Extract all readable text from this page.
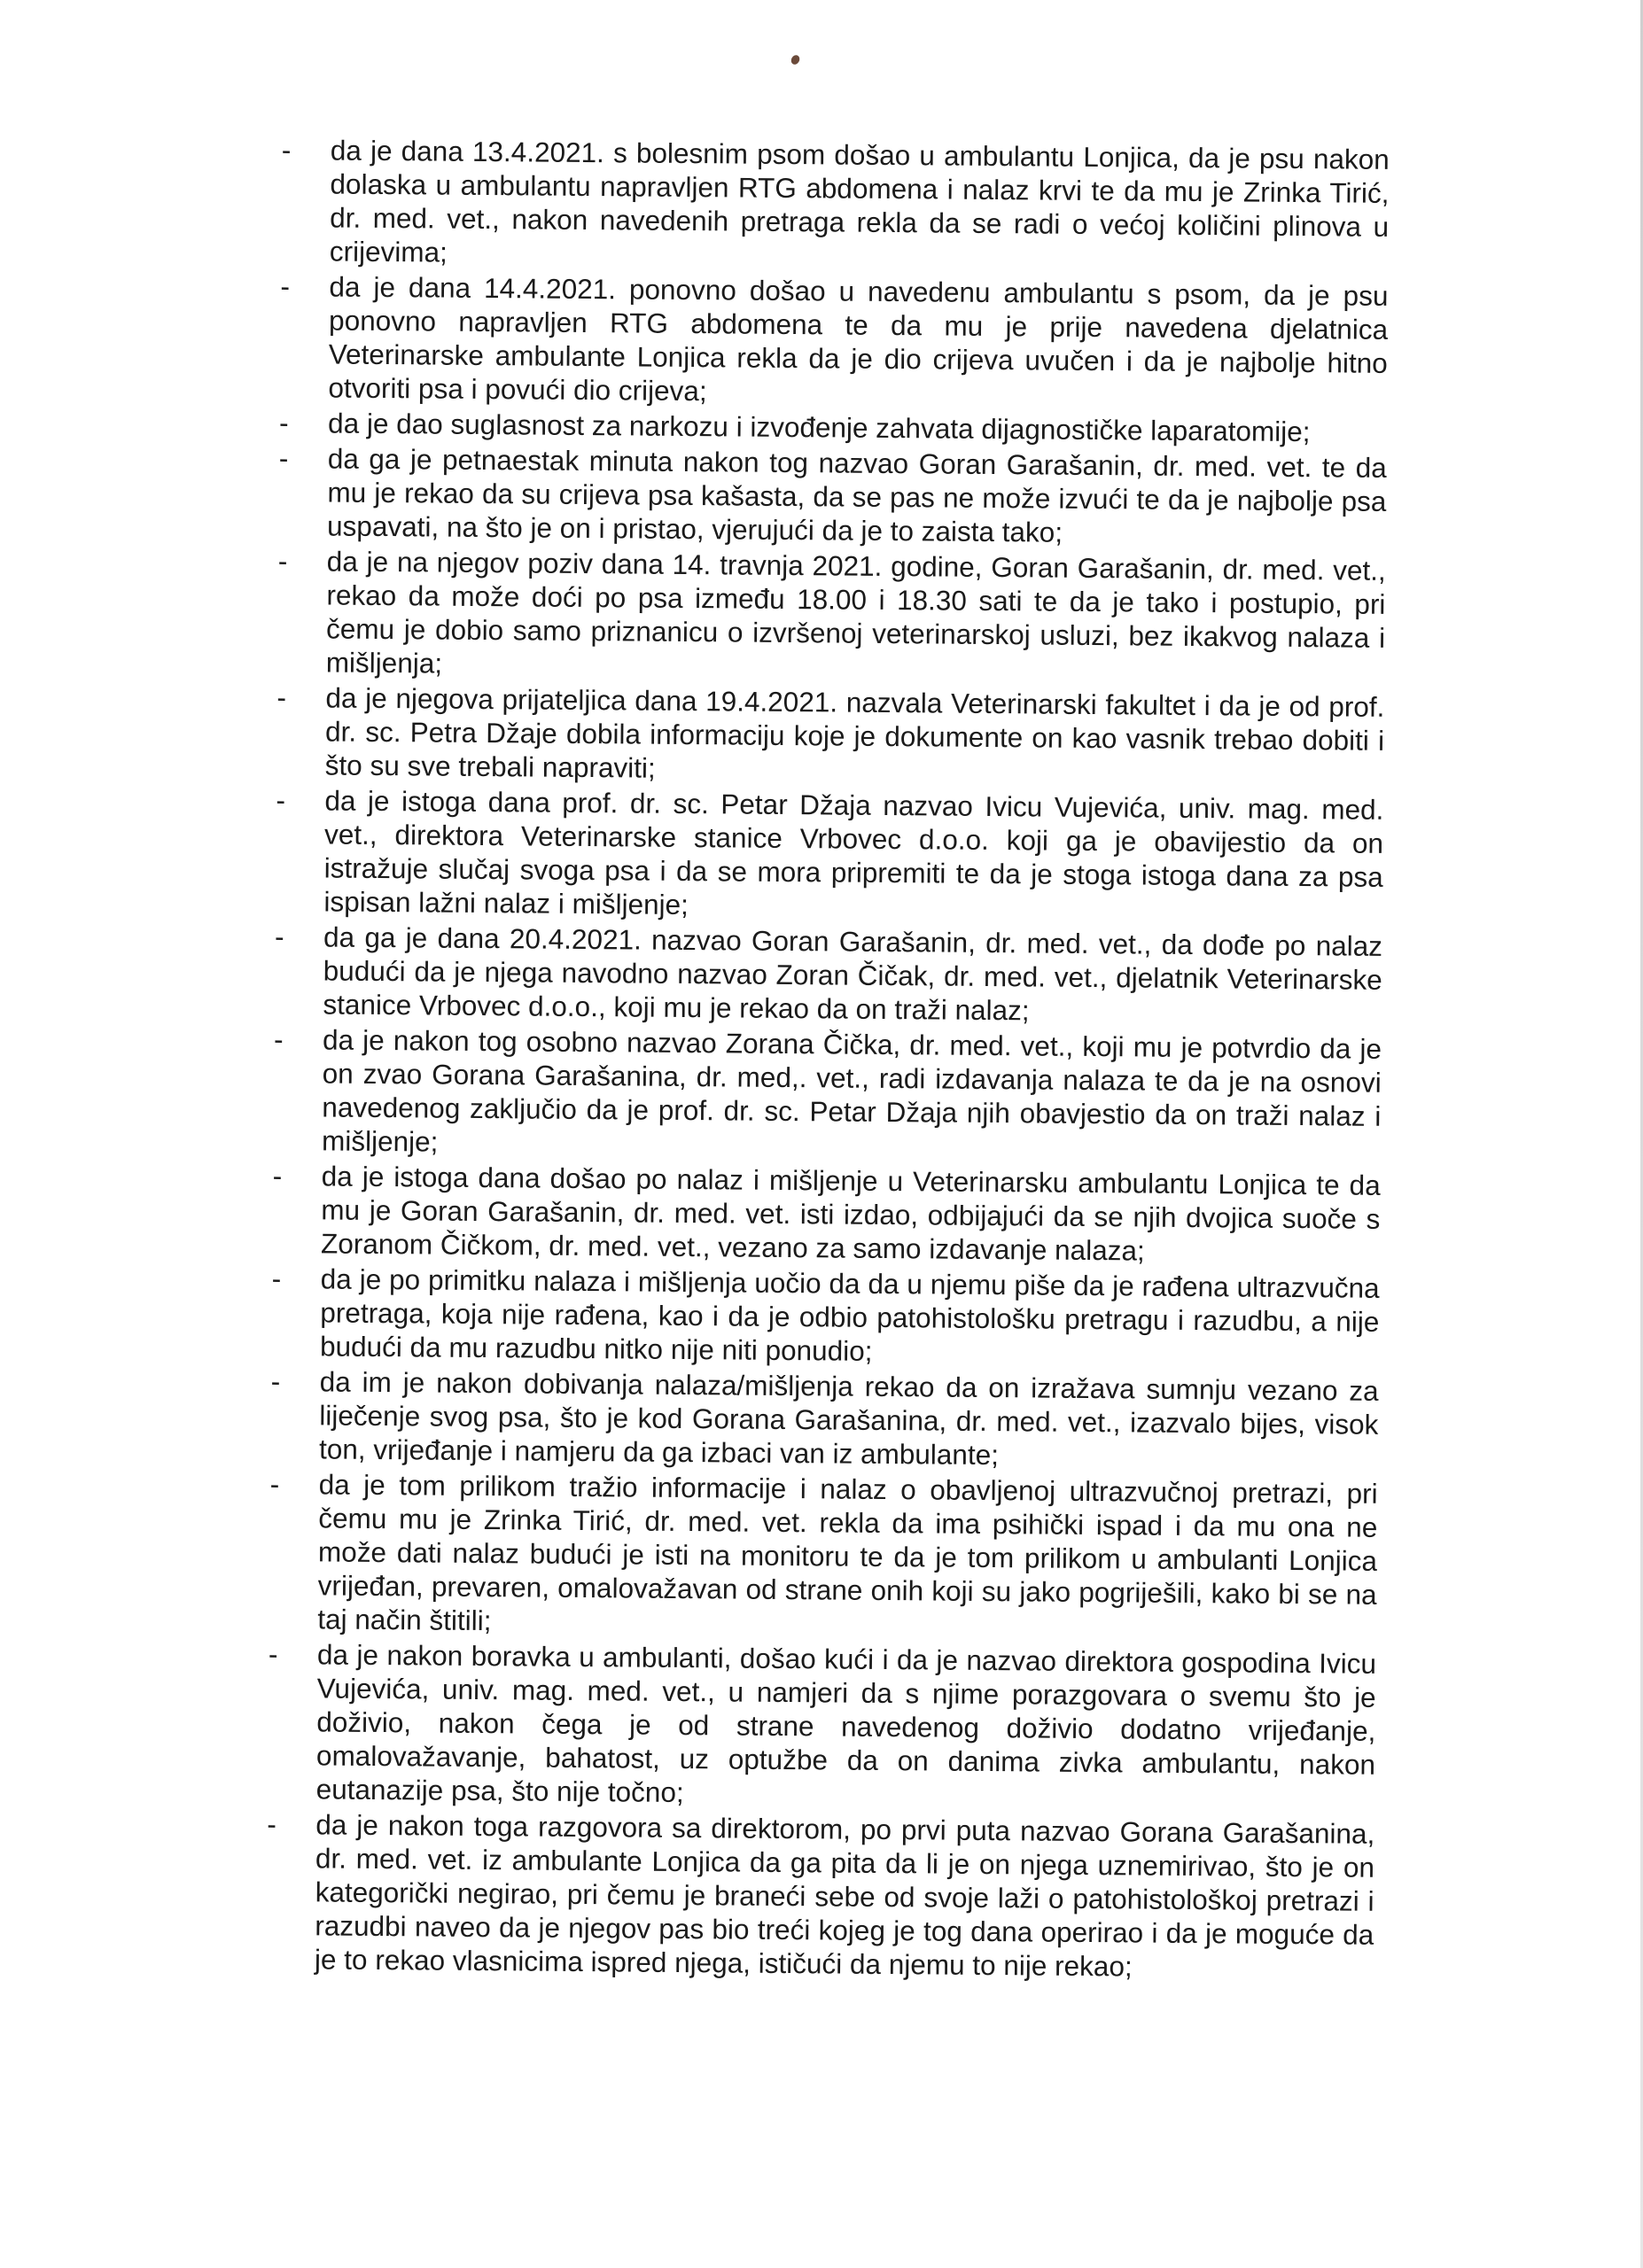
- da je dana 13.4.2021. s bolesnim psom došao u ambulantu Lonjica, da je psu nakon dolaska u ambulantu napravljen RTG abdomena i nalaz krvi te da mu je Zrinka Tirić, dr. med. vet., nakon navedenih pretraga rekla da se radi o većoj količini plinova u crijevima;
- da je dana 14.4.2021. ponovno došao u navedenu ambulantu s psom, da je psu ponovno napravljen RTG abdomena te da mu je prije navedena djelatnica Veterinarske ambulante Lonjica rekla da je dio crijeva uvučen i da je najbolje hitno otvoriti psa i povući dio crijeva;
- da je dao suglasnost za narkozu i izvođenje zahvata dijagnostičke laparatomije;
- da ga je petnaestak minuta nakon tog nazvao Goran Garašanin, dr. med. vet. te da mu je rekao da su crijeva psa kašasta, da se pas ne može izvući te da je najbolje psa uspavati, na što je on i pristao, vjerujući da je to zaista tako;
- da je na njegov poziv dana 14. travnja 2021. godine, Goran Garašanin, dr. med. vet., rekao da može doći po psa između 18.00 i 18.30 sati te da je tako i postupio, pri čemu je dobio samo priznanicu o izvršenoj veterinarskoj usluzi, bez ikakvog nalaza i mišljenja;
- da je njegova prijateljica dana 19.4.2021. nazvala Veterinarski fakultet i da je od prof. dr. sc. Petra Džaje dobila informaciju koje je dokumente on kao vasnik trebao dobiti i što su sve trebali napraviti;
- da je istoga dana prof. dr. sc. Petar Džaja nazvao Ivicu Vujevića, univ. mag. med. vet., direktora Veterinarske stanice Vrbovec d.o.o. koji ga je obavijestio da on istražuje slučaj svoga psa i da se mora pripremiti te da je stoga istoga dana za psa ispisan lažni nalaz i mišljenje;
- da ga je dana 20.4.2021. nazvao Goran Garašanin, dr. med. vet., da dođe po nalaz budući da je njega navodno nazvao Zoran Čičak, dr. med. vet., djelatnik Veterinarske stanice Vrbovec d.o.o., koji mu je rekao da on traži nalaz;
- da je nakon tog osobno nazvao Zorana Čička, dr. med. vet., koji mu je potvrdio da je on zvao Gorana Garašanina, dr. med,. vet., radi izdavanja nalaza te da je na osnovi navedenog zaključio da je prof. dr. sc. Petar Džaja njih obavjestio da on traži nalaz i mišljenje;
- da je istoga dana došao po nalaz i mišljenje u Veterinarsku ambulantu Lonjica te da mu je Goran Garašanin, dr. med. vet. isti izdao, odbijajući da se njih dvojica suoče s Zoranom Čičkom, dr. med. vet., vezano za samo izdavanje nalaza;
- da je po primitku nalaza i mišljenja uočio da da u njemu piše da je rađena ultrazvučna pretraga, koja nije rađena, kao i da je odbio patohistološku pretragu i razudbu, a nije budući da mu razudbu nitko nije niti ponudio;
- da im je nakon dobivanja nalaza/mišljenja rekao da on izražava sumnju vezano za liječenje svog psa, što je kod Gorana Garašanina, dr. med. vet., izazvalo bijes, visok ton, vrijeđanje i namjeru da ga izbaci van iz ambulante;
- da je tom prilikom tražio informacije i nalaz o obavljenoj ultrazvučnoj pretrazi, pri čemu mu je Zrinka Tirić, dr. med. vet. rekla da ima psihički ispad i da mu ona ne može dati nalaz budući je isti na monitoru te da je tom prilikom u ambulanti Lonjica vrijeđan, prevaren, omalovažavan od strane onih koji su jako pogriješili, kako bi se na taj način štitili;
- da je nakon boravka u ambulanti, došao kući i da je nazvao direktora gospodina Ivicu Vujevića, univ. mag. med. vet., u namjeri da s njime porazgovara o svemu što je doživio, nakon čega je od strane navedenog doživio dodatno vrijeđanje, omalovažavanje, bahatost, uz optužbe da on danima zivka ambulantu, nakon eutanazije psa, što nije točno;
- da je nakon toga razgovora sa direktorom, po prvi puta nazvao Gorana Garašanina, dr. med. vet. iz ambulante Lonjica da ga pita da li je on njega uznemirivao, što je on kategorički negirao, pri čemu je braneći sebe od svoje laži o patohistološkoj pretrazi i razudbi naveo da je njegov pas bio treći kojeg je tog dana operirao i da je moguće da je to rekao vlasnicima ispred njega, ističući da njemu to nije rekao;
